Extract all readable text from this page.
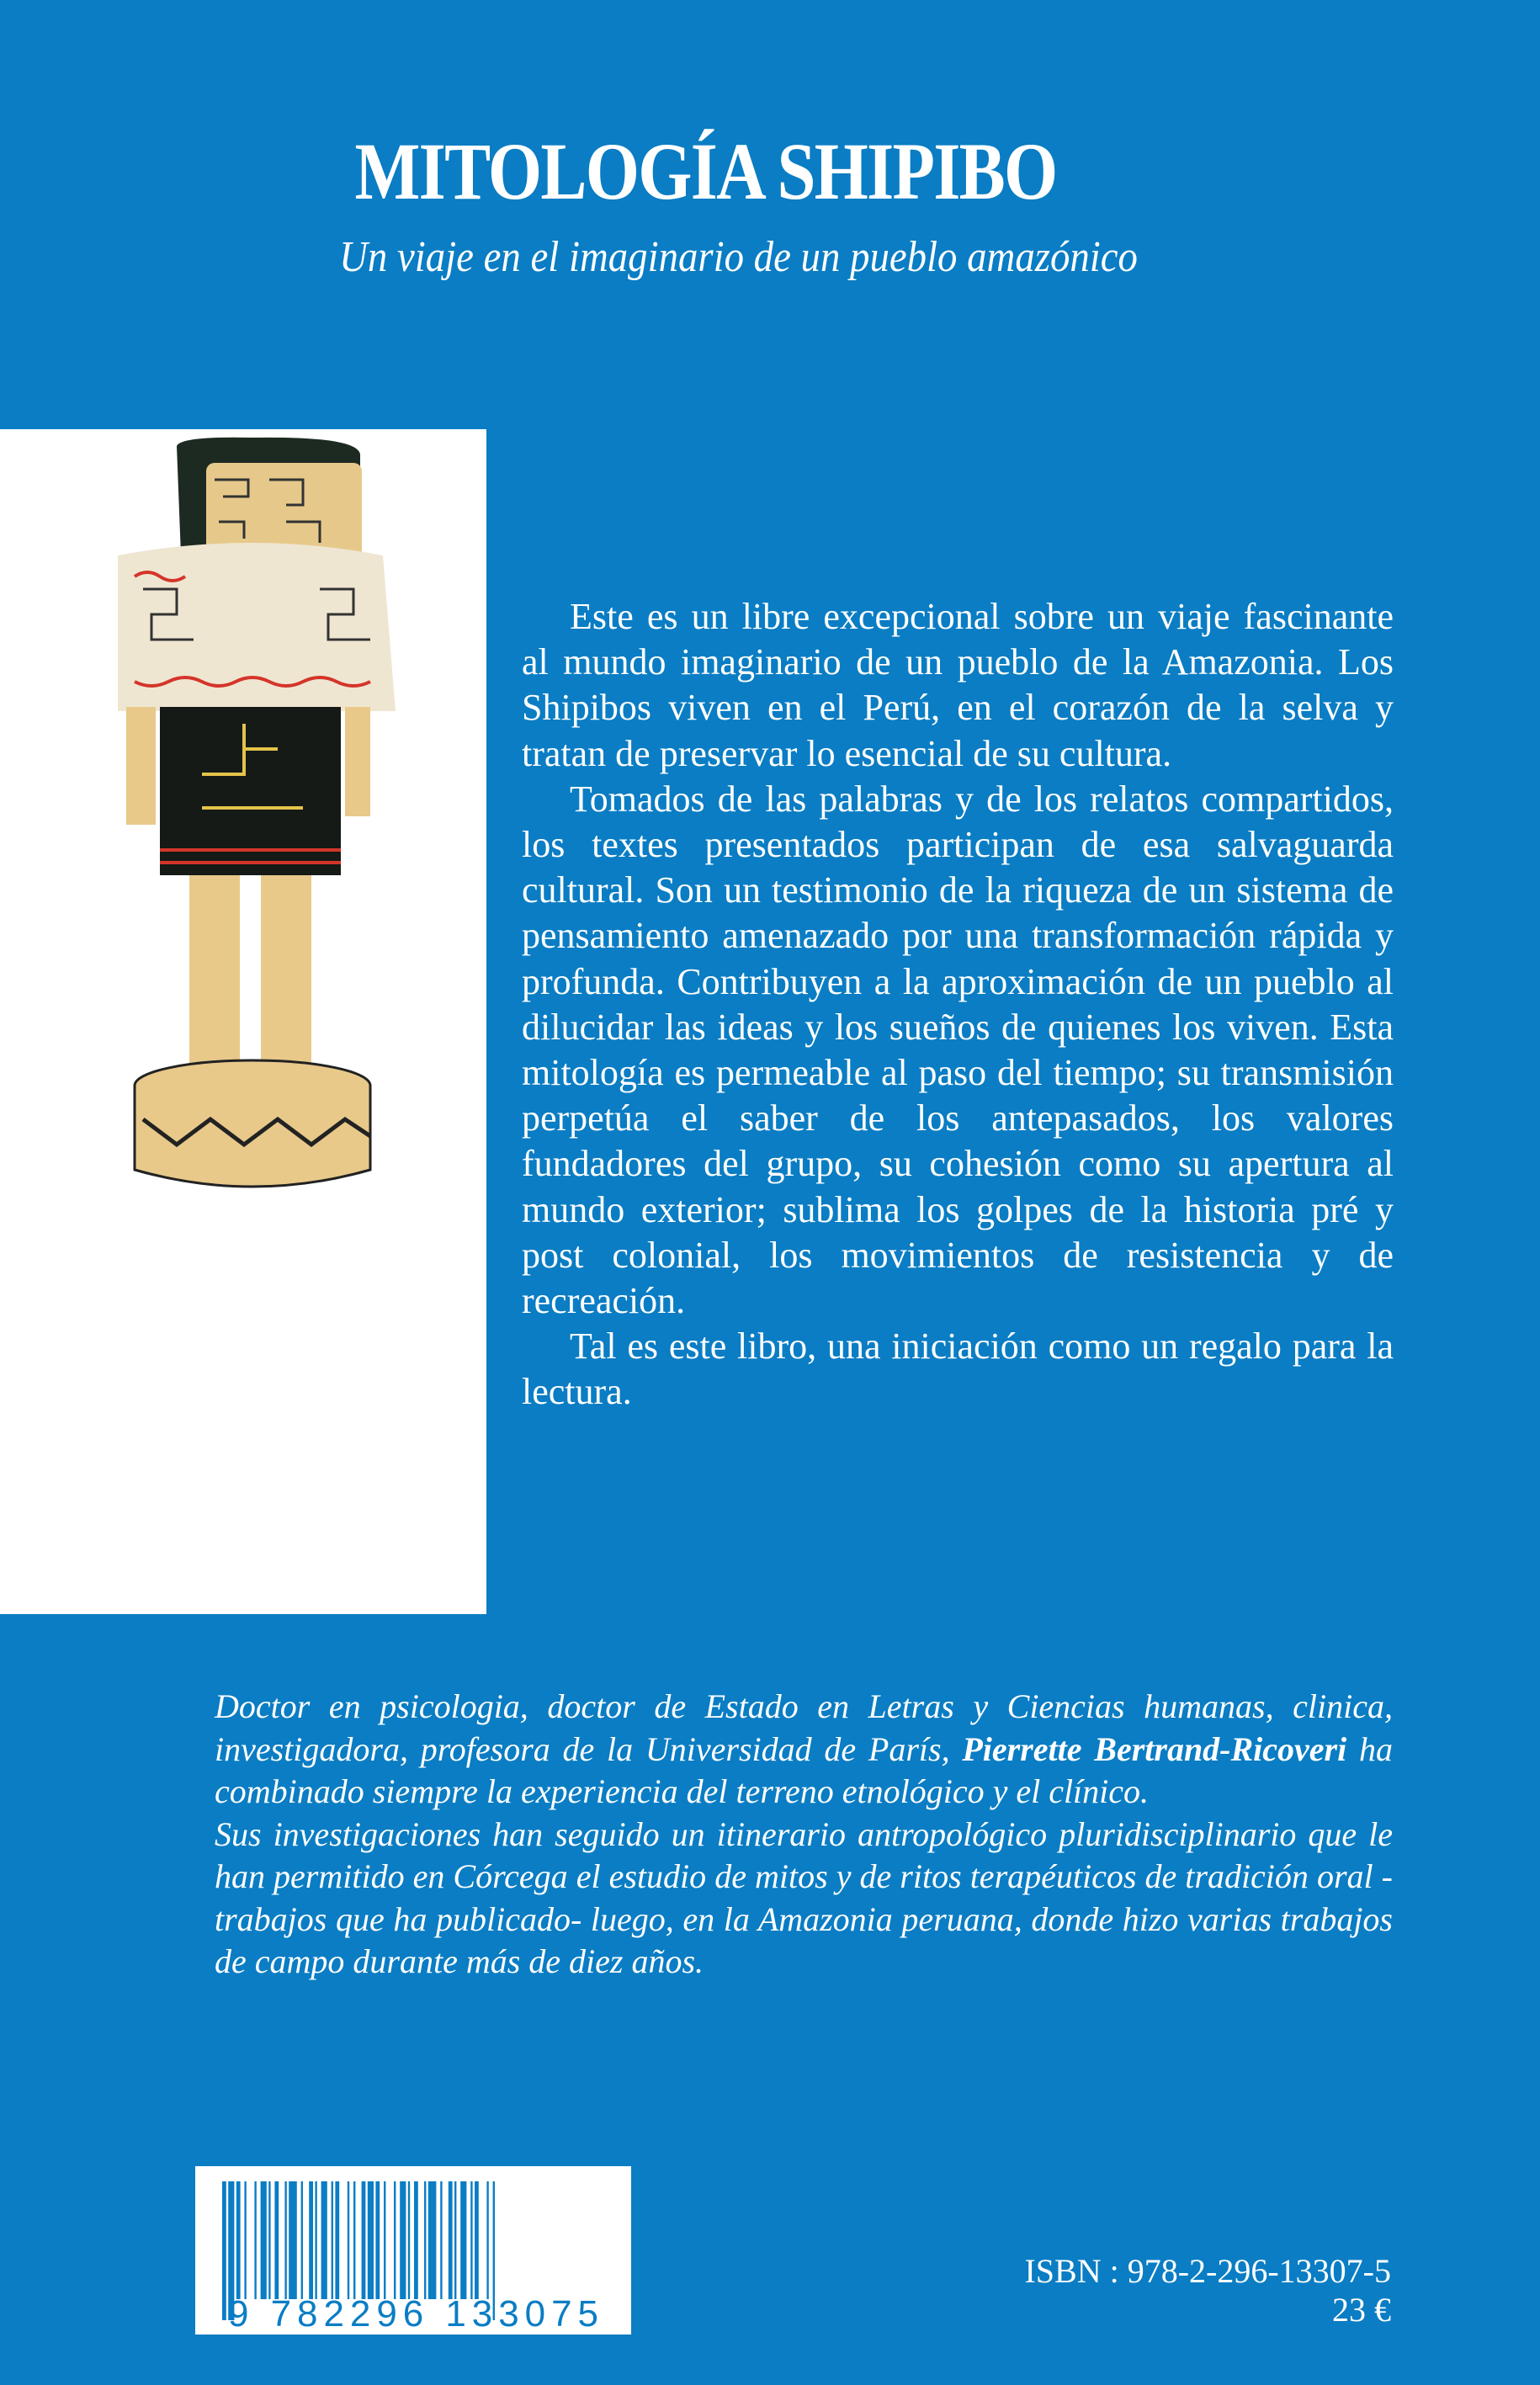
MITOLOGÍA SHIPIBO
Un viaje en el imaginario de un pueblo amazónico

Este es un libre excepcional sobre un viaje fascinante al mundo imaginario de un pueblo de la Amazonia. Los Shipibos viven en el Perú, en el corazón de la selva y tratan de preservar lo esencial de su cultura.

Tomados de las palabras y de los relatos compartidos, los textes presentados participan de esa salvaguarda cultural. Son un testimonio de la riqueza de un sistema de pensamiento amenazado por una transformación rápida y profunda. Contribuyen a la aproximación de un pueblo al dilucidar las ideas y los sueños de quienes los viven. Esta mitología es permeable al paso del tiempo; su transmisión perpetúa el saber de los antepasados, los valores fundadores del grupo, su cohesión como su apertura al mundo exterior; sublima los golpes de la historia pré y post colonial, los movimientos de resistencia y de recreación.

Tal es este libro, una iniciación como un regalo para la lectura.

Doctor en psicologia, doctor de Estado en Letras y Ciencias humanas, clinica, investigadora, profesora de la Universidad de París, Pierrette Bertrand-Ricoveri ha combinado siempre la experiencia del terreno etnológico y el clínico.

Sus investigaciones han seguido un itinerario antropológico pluridisciplinario que le han permitido en Córcega el estudio de mitos y de ritos terapéuticos de tradición oral -trabajos que ha publicado- luego, en la Amazonia peruana, donde hizo varias trabajos de campo durante más de diez años.

9 782296 133075
ISBN : 978-2-296-13307-5
23 €
